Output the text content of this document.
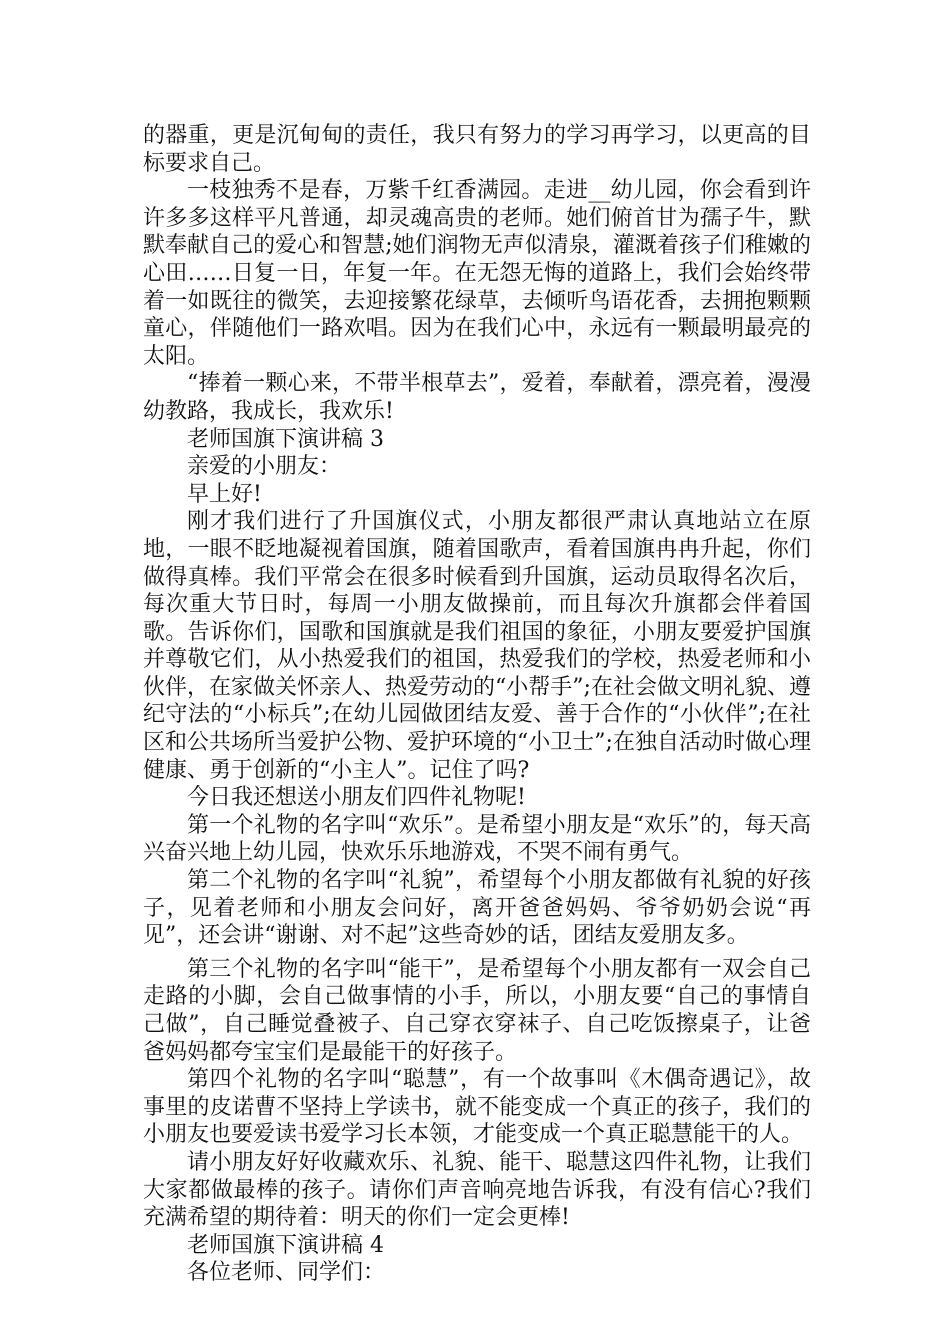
的器重，更是沉甸甸的责任，我只有努力的学习再学习，以更高的目标要求自己。

一枝独秀不是春，万紫千红香满园。走进__幼儿园，你会看到许许多多这样平凡普通，却灵魂高贵的老师。她们俯首甘为孺子牛，默默奉献自己的爱心和智慧;她们润物无声似清泉，灌溉着孩子们稚嫩的心田……日复一日，年复一年。在无怨无悔的道路上，我们会始终带着一如既往的微笑，去迎接繁花绿草，去倾听鸟语花香，去拥抱颗颗童心，伴随他们一路欢唱。因为在我们心中，永远有一颗最明最亮的太阳。

“捧着一颗心来，不带半根草去”，爱着，奉献着，漂亮着，漫漫幼教路，我成长，我欢乐!

老师国旗下演讲稿 3

亲爱的小朋友：

早上好!

刚才我们进行了升国旗仪式，小朋友都很严肃认真地站立在原地，一眼不眨地凝视着国旗，随着国歌声，看着国旗冉冉升起，你们做得真棒。我们平常会在很多时候看到升国旗，运动员取得名次后，每次重大节日时，每周一小朋友做操前，而且每次升旗都会伴着国歌。告诉你们，国歌和国旗就是我们祖国的象征，小朋友要爱护国旗并尊敬它们，从小热爱我们的祖国，热爱我们的学校，热爱老师和小伙伴，在家做关怀亲人、热爱劳动的“小帮手”;在社会做文明礼貌、遵纪守法的“小标兵”;在幼儿园做团结友爱、善于合作的“小伙伴”;在社区和公共场所当爱护公物、爱护环境的“小卫士”;在独自活动时做心理健康、勇于创新的“小主人”。记住了吗?

今日我还想送小朋友们四件礼物呢!

第一个礼物的名字叫“欢乐”。是希望小朋友是“欢乐”的，每天高兴奋兴地上幼儿园，快欢乐乐地游戏，不哭不闹有勇气。

第二个礼物的名字叫“礼貌”，希望每个小朋友都做有礼貌的好孩子，见着老师和小朋友会问好，离开爸爸妈妈、爷爷奶奶会说“再见”，还会讲“谢谢、对不起”这些奇妙的话，团结友爱朋友多。

第三个礼物的名字叫“能干”，是希望每个小朋友都有一双会自己走路的小脚，会自己做事情的小手，所以，小朋友要“自己的事情自己做”，自己睡觉叠被子、自己穿衣穿袜子、自己吃饭擦桌子，让爸爸妈妈都夸宝宝们是最能干的好孩子。

第四个礼物的名字叫“聪慧”，有一个故事叫《木偶奇遇记》，故事里的皮诺曹不坚持上学读书，就不能变成一个真正的孩子，我们的小朋友也要爱读书爱学习长本领，才能变成一个真正聪慧能干的人。

请小朋友好好收藏欢乐、礼貌、能干、聪慧这四件礼物，让我们大家都做最棒的孩子。请你们声音响亮地告诉我，有没有信心?我们充满希望的期待着：明天的你们一定会更棒!

老师国旗下演讲稿 4

各位老师、同学们：
